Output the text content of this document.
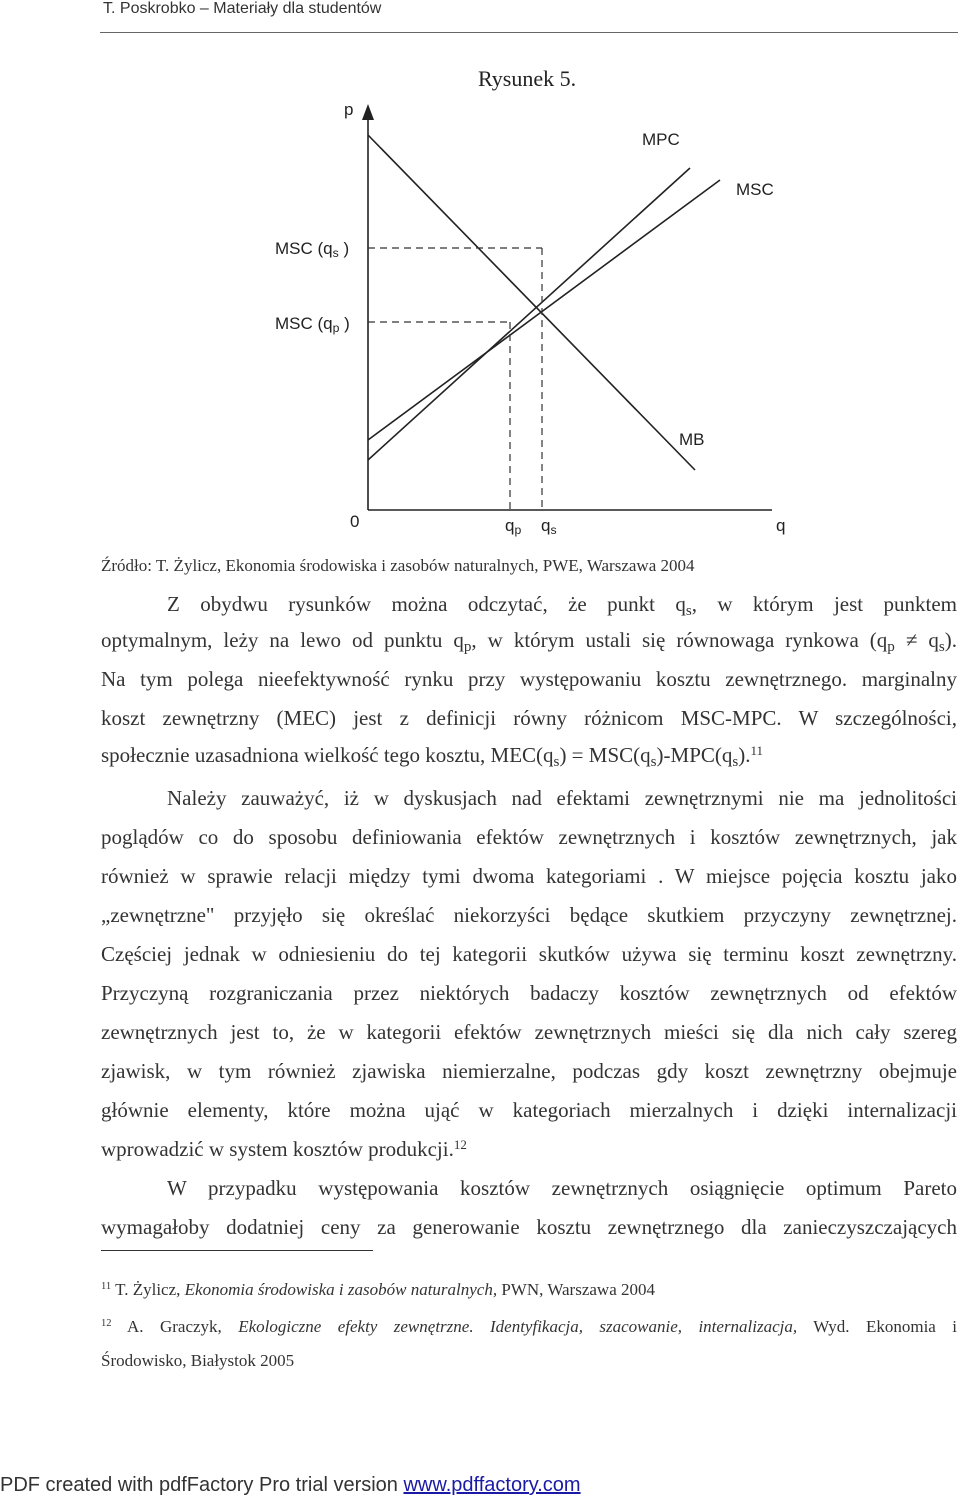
T. Poskrobko – Materiały dla studentów
Rysunek 5.
p
MPC
MSC
MB
MSC ($q_s$ )
MSC ($q_p$ )
0	$q_p$ $q_s$	q
Źródło: T. Żylicz, Ekonomia środowiska i zasobów naturalnych, PWE, Warszawa 2004
Z obydwu rysunków można odczytać, że punkt $q_s$, w którym jest punktem
optymalnym, leży na lewo od punktu $q_p$, w którym ustali się równowaga rynkowa $(q_p \ne q_s)$.
Na tym polega nieefektywność rynku przy występowaniu kosztu zewnętrznego. marginalny
koszt zewnętrzny (MEC) jest z definicji równy różnicom MSC-MPC. W szczególności,
społecznie uzasadniona wielkość tego kosztu, $MEC(q_s) = MSC(q_s)-MPC(q_s).^{11}$
Należy zauważyć, iż w dyskusjach nad efektami zewnętrznymi nie ma jednolitości
poglądów co do sposobu definiowania efektów zewnętrznych i kosztów zewnętrznych, jak
również w sprawie relacji między tymi dwoma kategoriami . W miejsce pojęcia kosztu jako
„zewnętrzne" przyjęło się określać niekorzyści będące skutkiem przyczyny zewnętrznej.
Częściej jednak w odniesieniu do tej kategorii skutków używa się terminu koszt zewnętrzny.
Przyczyną rozgraniczania przez niektórych badaczy kosztów zewnętrznych od efektów
zewnętrznych jest to, że w kategorii efektów zewnętrznych mieści się dla nich cały szereg
zjawisk, w tym również zjawiska niemierzalne, podczas gdy koszt zewnętrzny obejmuje
głównie elementy, które można ująć w kategoriach mierzalnych i dzięki internalizacji
wprowadzić w system kosztów produkcji.$^{12}$
W przypadku występowania kosztów zewnętrznych osiągnięcie optimum Pareto
wymagałoby dodatniej ceny za generowanie kosztu zewnętrznego dla zanieczyszczających
$^{11}$ T. Żylicz, Ekonomia środowiska i zasobów naturalnych, PWN, Warszawa 2004
$^{12}$ A. Graczyk, Ekologiczne efekty zewnętrzne. Identyfikacja, szacowanie, internalizacja, Wyd. Ekonomia i
Środowisko, Białystok 2005
PDF created with pdfFactory Pro trial version www.pdffactory.com
